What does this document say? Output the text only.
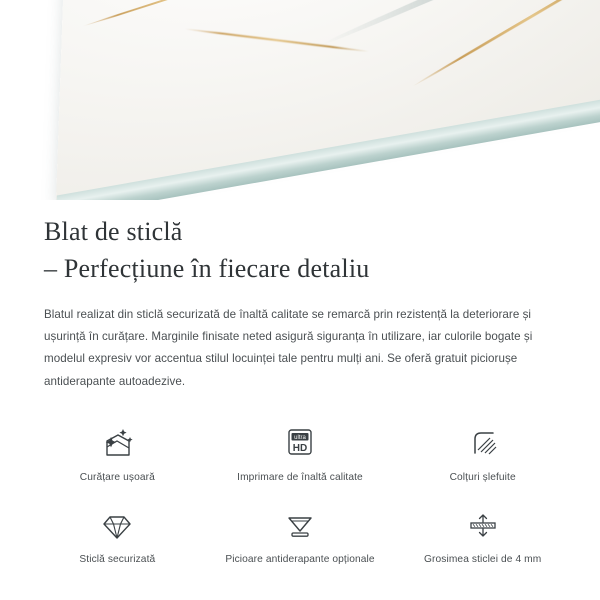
Blat de sticlă
– Perfecțiune în fiecare detaliu

Blatul realizat din sticlă securizată de înaltă calitate se remarcă prin rezistență la deteriorare și ușurință în curățare. Marginile finisate neted asigură siguranța în utilizare, iar culorile bogate și modelul expresiv vor accentua stilul locuinței tale pentru mulți ani. Se oferă gratuit piciorușe antiderapante autoadezive.

Curățare ușoară
ultra
HD
Imprimare de înaltă calitate	Colțuri șlefuite
Sticlă securizată	Picioare antiderapante opționale	Grosimea sticlei de 4 mm
